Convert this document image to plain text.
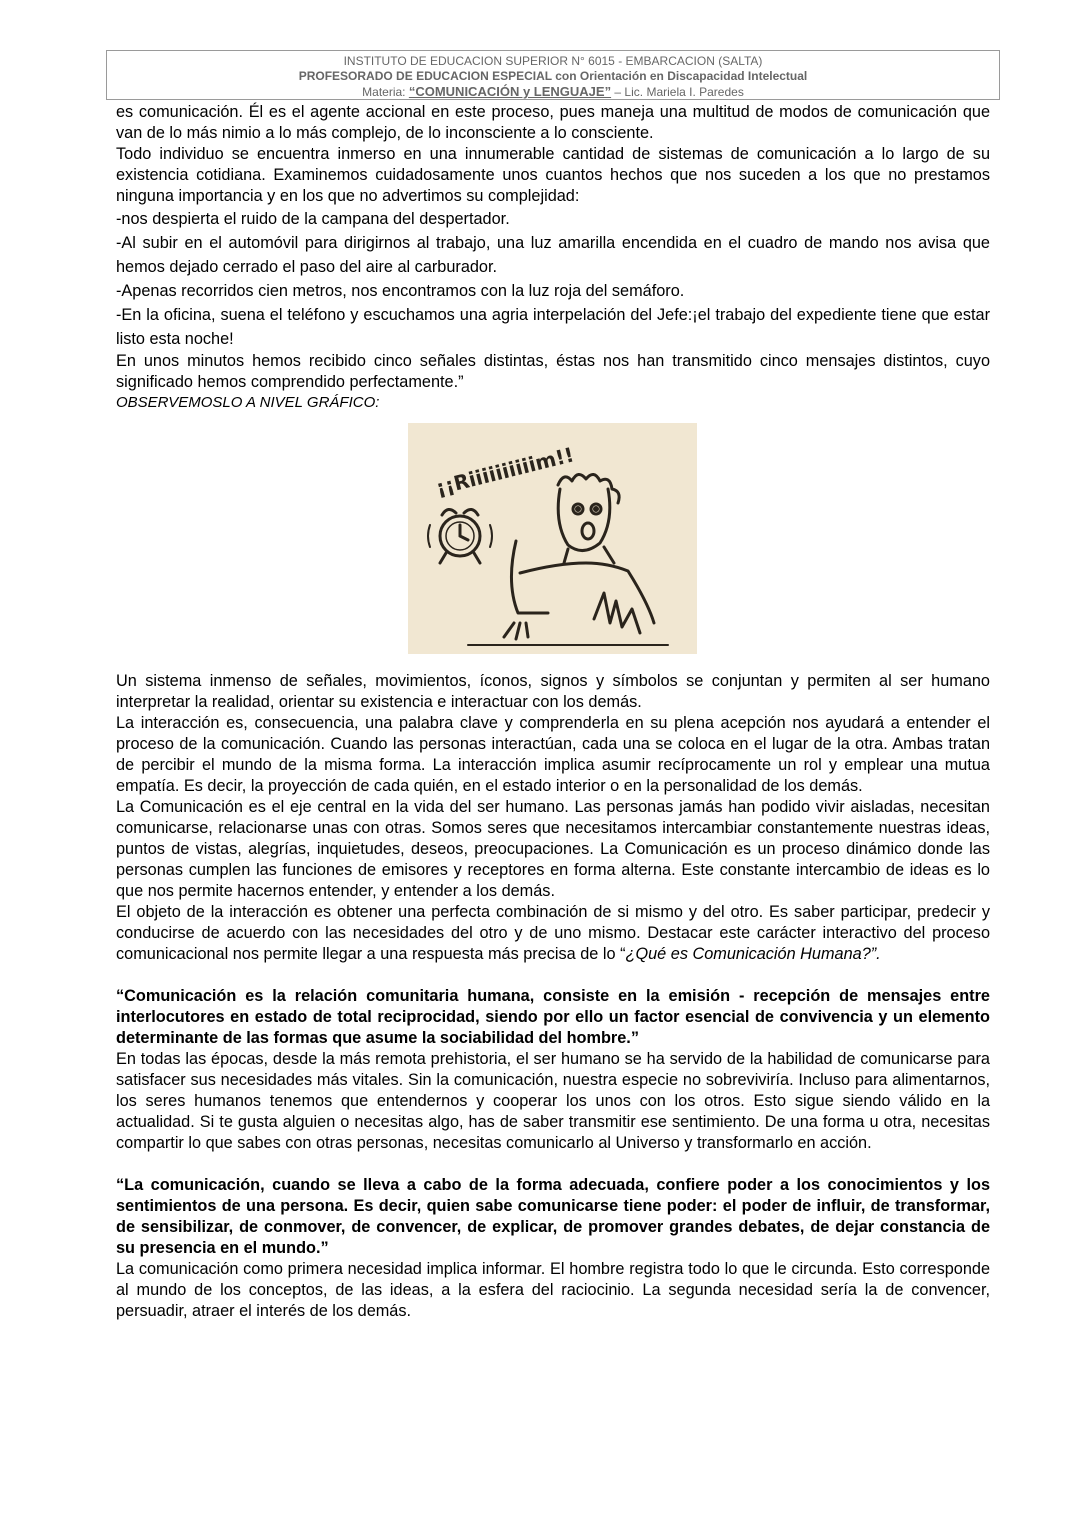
INSTITUTO DE EDUCACION SUPERIOR N° 6015 - EMBARCACION (SALTA)
PROFESORADO DE EDUCACION ESPECIAL con Orientación en Discapacidad Intelectual
Materia: “COMUNICACIÓN y LENGUAJE” – Lic. Mariela I. Paredes

es comunicación. Él es el agente accional en este proceso, pues maneja una multitud de modos de comunicación que van de lo más nimio a lo más complejo, de lo inconsciente a lo consciente.

Todo individuo se encuentra inmerso en una innumerable cantidad de sistemas de comunicación a lo largo de su existencia cotidiana. Examinemos cuidadosamente unos cuantos hechos que nos suceden a los que no prestamos ninguna importancia y en los que no advertimos su complejidad:

-nos despierta el ruido de la campana del despertador.

-Al subir en el automóvil para dirigirnos al trabajo, una luz amarilla encendida en el cuadro de mando nos avisa que hemos dejado cerrado el paso del aire al carburador.

-Apenas recorridos cien metros, nos encontramos con la luz roja del semáforo.

-En la oficina, suena el teléfono y escuchamos una agria interpelación del Jefe:¡el trabajo del expediente tiene que estar listo esta noche!

En unos minutos hemos recibido cinco señales distintas, éstas nos han transmitido cinco mensajes distintos, cuyo significado hemos comprendido perfectamente.”

OBSERVEMOSLO A NIVEL GRÁFICO:

¡¡Riiiiiiiiiim!!

Un sistema inmenso de señales, movimientos, íconos, signos y símbolos se conjuntan y permiten al ser humano interpretar la realidad, orientar su existencia e interactuar con los demás.

La interacción es, consecuencia, una palabra clave y comprenderla en su plena acepción nos ayudará a entender el proceso de la comunicación. Cuando las personas interactúan, cada una se coloca en el lugar de la otra. Ambas tratan de percibir el mundo de la misma forma. La interacción implica asumir recíprocamente un rol y emplear una mutua empatía. Es decir, la proyección de cada quién, en el estado interior o en la personalidad de los demás.

La Comunicación es el eje central en la vida del ser humano. Las personas jamás han podido vivir aisladas, necesitan comunicarse, relacionarse unas con otras. Somos seres que necesitamos intercambiar constantemente nuestras ideas, puntos de vistas, alegrías, inquietudes, deseos, preocupaciones. La Comunicación es un proceso dinámico donde las personas cumplen las funciones de emisores y receptores en forma alterna. Este constante intercambio de ideas es lo que nos permite hacernos entender, y entender a los demás.

El objeto de la interacción es obtener una perfecta combinación de si mismo y del otro. Es saber participar, predecir y conducirse de acuerdo con las necesidades del otro y de uno mismo. Destacar este carácter interactivo del proceso comunicacional nos permite llegar a una respuesta más precisa de lo “¿Qué es Comunicación Humana?”.

“Comunicación es la relación comunitaria humana, consiste en la emisión - recepción de mensajes entre interlocutores en estado de total reciprocidad, siendo por ello un factor esencial de convivencia y un elemento determinante de las formas que asume la sociabilidad del hombre.”

En todas las épocas, desde la más remota prehistoria, el ser humano se ha servido de la habilidad de comunicarse para satisfacer sus necesidades más vitales. Sin la comunicación, nuestra especie no sobreviviría. Incluso para alimentarnos, los seres humanos tenemos que entendernos y cooperar los unos con los otros. Esto sigue siendo válido en la actualidad. Si te gusta alguien o necesitas algo, has de saber transmitir ese sentimiento. De una forma u otra, necesitas compartir lo que sabes con otras personas, necesitas comunicarlo al Universo y transformarlo en acción.

“La comunicación, cuando se lleva a cabo de la forma adecuada, confiere poder a los conocimientos y los sentimientos de una persona. Es decir, quien sabe comunicarse tiene poder: el poder de influir, de transformar, de sensibilizar, de conmover, de convencer, de explicar, de promover grandes debates, de dejar constancia de su presencia en el mundo.”

La comunicación como primera necesidad implica informar. El hombre registra todo lo que le circunda. Esto corresponde al mundo de los conceptos, de las ideas, a la esfera del raciocinio. La segunda necesidad sería la de convencer, persuadir, atraer el interés de los demás.
